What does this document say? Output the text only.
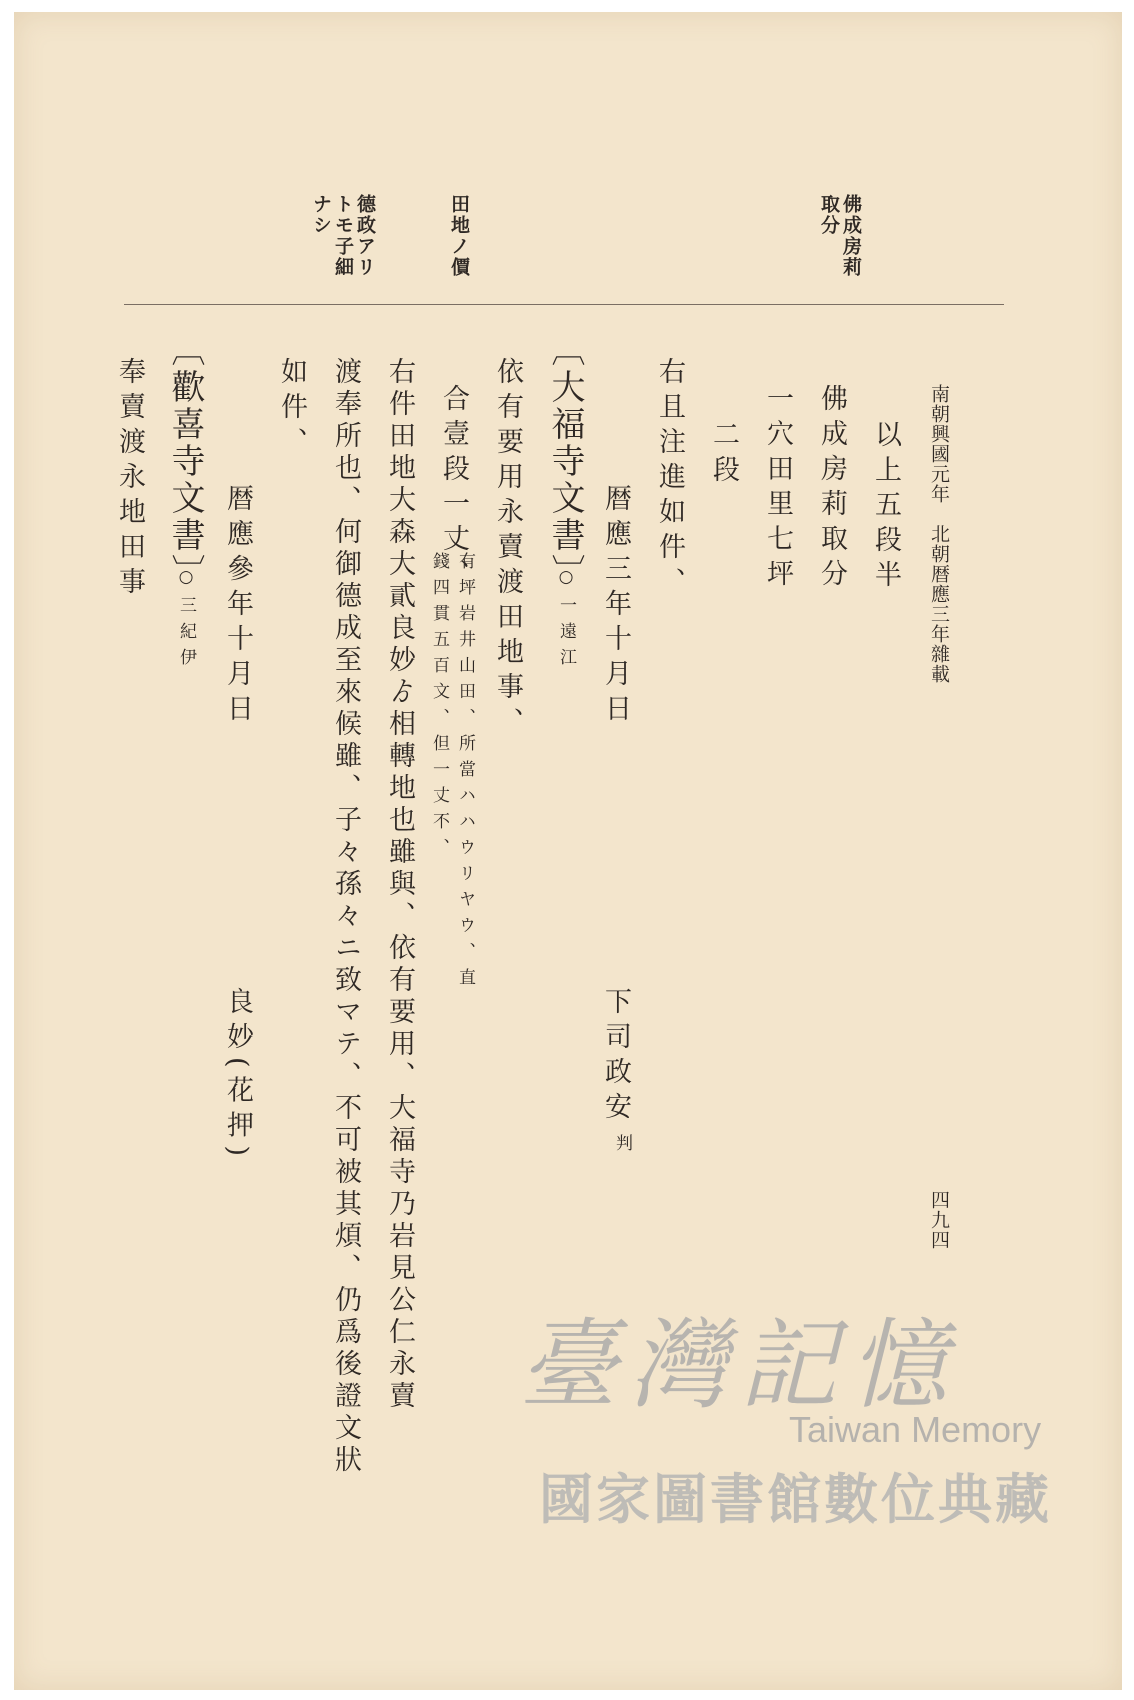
南朝興國元年　北朝暦應三年雜載
四九四
佛成房莉
取分
田地ノ價
德政アリ
トモ子細
ナシ
以上五段半
佛成房莉取分
一穴田里七坪
二段
右且注進如件、
暦應三年十月日
下司政安
判
〔大福寺文書〕
○一遠江
依有要用永賣渡田地事、
合壹段一丈、
有坪岩井山田、所當ハハウリヤウ、直錢四貫五百文、但一丈不、
右件田地大森大貳良妙ゟ相轉地也雖與、依有要用、大福寺乃岩見公仁永賣
渡奉所也、何御德成至來候雖、子々孫々ニ致マテ、不可被其煩、仍爲後證文狀
如件、
暦應參年十月日
良妙(花押)
〔歡喜寺文書〕
○三紀伊
奉賣渡永地田事
臺灣記憶
Taiwan Memory
國家圖書館數位典藏
